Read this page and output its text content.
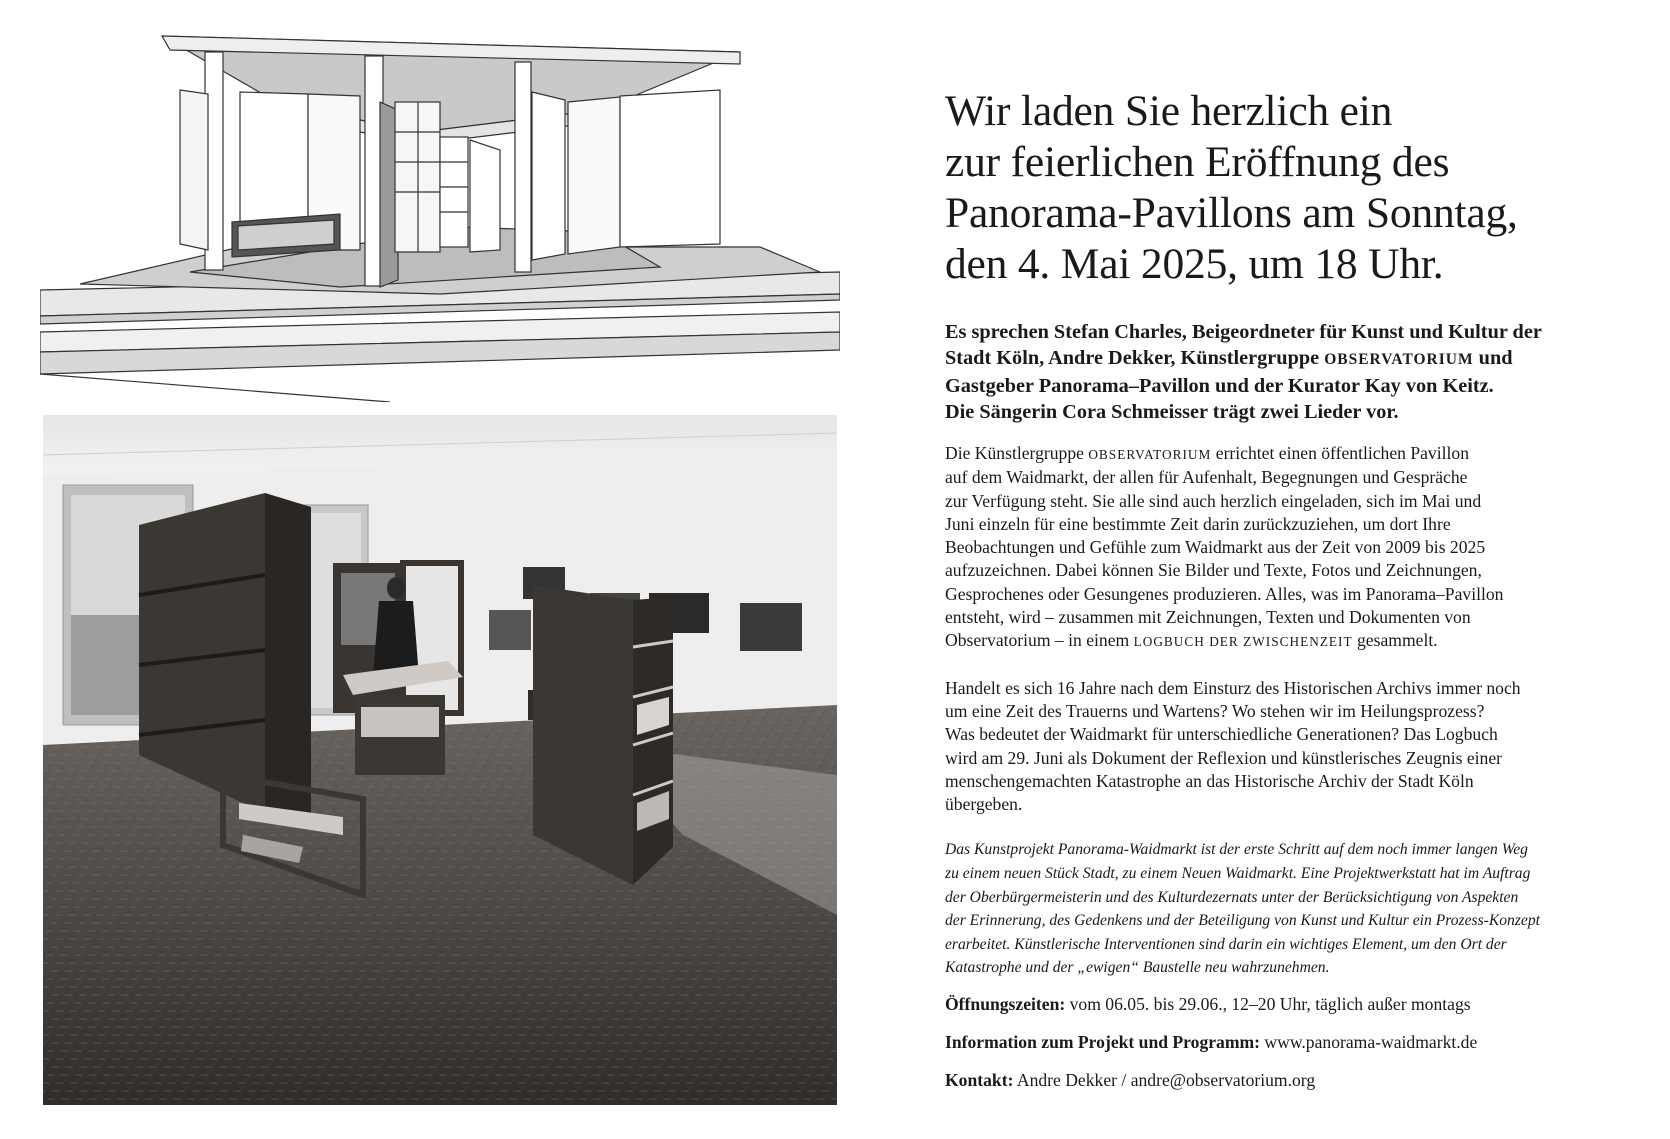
Wir laden Sie herzlich ein
zur feierlichen Eröffnung des
Panorama-Pavillons am Sonntag,
den 4. Mai 2025, um 18 Uhr.
Es sprechen Stefan Charles, Beigeordneter für Kunst und Kultur der
Stadt Köln, Andre Dekker, Künstlergruppe OBSERVATORIUM und
Gastgeber Panorama–Pavillon und der Kurator Kay von Keitz.
Die Sängerin Cora Schmeisser trägt zwei Lieder vor.
Die Künstlergruppe OBSERVATORIUM errichtet einen öffentlichen Pavillon
auf dem Waidmarkt, der allen für Aufenhalt, Begegnungen und Gespräche
zur Verfügung steht. Sie alle sind auch herzlich eingeladen, sich im Mai und
Juni einzeln für eine bestimmte Zeit darin zurückzuziehen, um dort Ihre
Beobachtungen und Gefühle zum Waidmarkt aus der Zeit von 2009 bis 2025
aufzuzeichnen. Dabei können Sie Bilder und Texte, Fotos und Zeichnungen,
Gesprochenes oder Gesungenes produzieren. Alles, was im Panorama–Pavillon
entsteht, wird – zusammen mit Zeichnungen, Texten und Dokumenten von
Observatorium – in einem LOGBUCH DER ZWISCHENZEIT gesammelt.
Handelt es sich 16 Jahre nach dem Einsturz des Historischen Archivs immer noch
um eine Zeit des Trauerns und Wartens? Wo stehen wir im Heilungsprozess?
Was bedeutet der Waidmarkt für unterschiedliche Generationen? Das Logbuch
wird am 29. Juni als Dokument der Reflexion und künstlerisches Zeugnis einer
menschengemachten Katastrophe an das Historische Archiv der Stadt Köln
übergeben.
Das Kunstprojekt Panorama-Waidmarkt ist der erste Schritt auf dem noch immer langen Weg
zu einem neuen Stück Stadt, zu einem Neuen Waidmarkt. Eine Projektwerkstatt hat im Auftrag
der Oberbürgermeisterin und des Kulturdezernats unter der Berücksichtigung von Aspekten
der Erinnerung, des Gedenkens und der Beteiligung von Kunst und Kultur ein Prozess-Konzept
erarbeitet. Künstlerische Interventionen sind darin ein wichtiges Element, um den Ort der
Katastrophe und der „ewigen“ Baustelle neu wahrzunehmen.
Öffnungszeiten: vom 06.05. bis 29.06., 12–20 Uhr, täglich außer montags
Information zum Projekt und Programm: www.panorama-waidmarkt.de
Kontakt: Andre Dekker / andre@observatorium.org
